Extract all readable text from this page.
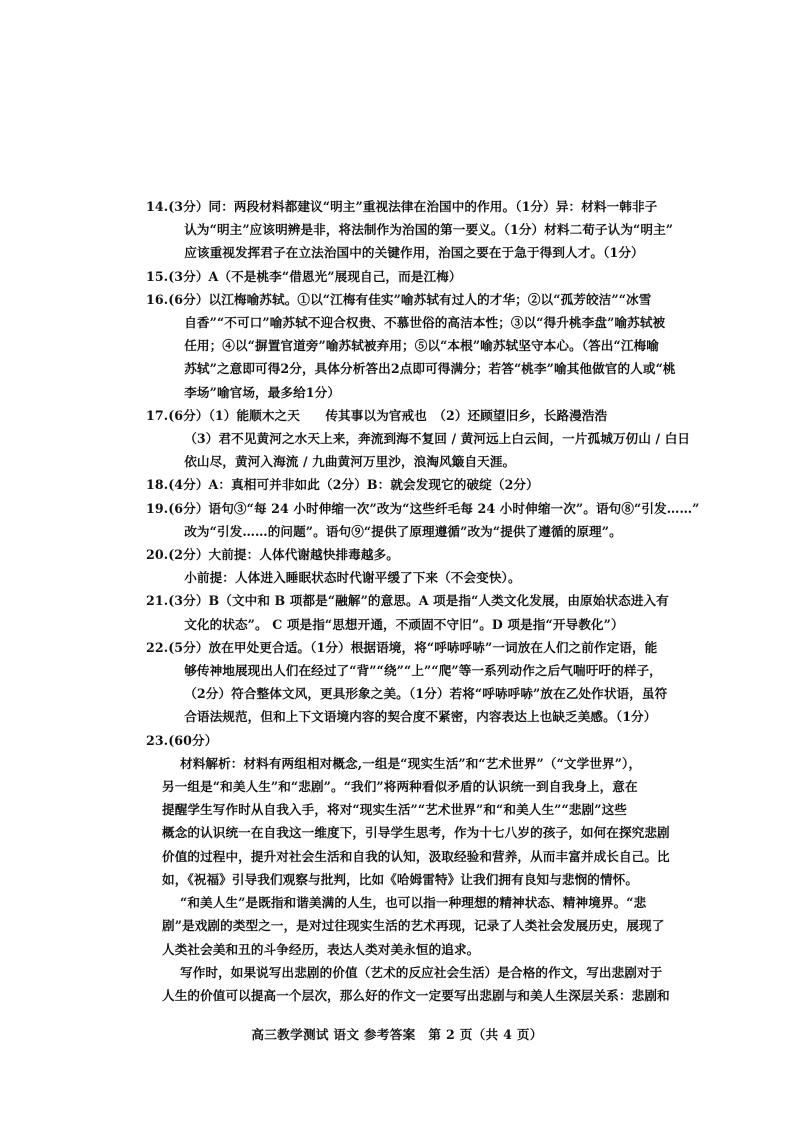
14. (3分）同：两段材料都建议“明主”重视法律在治国中的作用。（1分）异：材料一韩非子
认为“明主”应该明辨是非，将法制作为治国的第一要义。（1分）材料二荀子认为“明主”
应该重视发挥君子在立法治国中的关键作用，治国之要在于急于得到人才。（1分）
15. (3分）A（不是桃李“借恩光”展现自己，而是江梅）
16. (6分）以江梅喻苏轼。①以“江梅有佳实”喻苏轼有过人的才华；②以“孤芳皎洁”“冰雪
自香”“不可口”喻苏轼不迎合权贵、不慕世俗的高洁本性；③以“得升桃李盘”喻苏轼被
任用；④以“摒置官道旁”喻苏轼被弃用；⑤以“本根”喻苏轼坚守本心。（答出“江梅喻
苏轼”之意即可得2分，具体分析答出2点即可得满分；若答“桃李”喻其他做官的人或“桃
李场”喻官场，最多给1分）
17. (6分）（1）能顺木之天　　传其事以为官戒也　（2）还顾望旧乡，长路漫浩浩
（3）君不见黄河之水天上来，奔流到海不复回 / 黄河远上白云间，一片孤城万仞山 / 白日
依山尽，黄河入海流 / 九曲黄河万里沙，浪淘风簸自天涯。
18. (4分）A：真相可并非如此（2分）B：就会发现它的破绽（2分）
19. (6分）语句③“每 24 小时伸缩一次”改为“这些纤毛每 24 小时伸缩一次”。语句⑧“引发……”
改为“引发……的问题”。语句⑨“提供了原理遵循”改为“提供了遵循的原理”。
20. (2分）大前提：人体代谢越快排毒越多。
小前提：人体进入睡眠状态时代谢平缓了下来（不会变快）。
21. (3分）B（文中和 B 项都是“融解”的意思。A 项是指“人类文化发展，由原始状态进入有
文化的状态”。 C 项是指“思想开通，不顽固不守旧”。D 项是指“开导教化”）
22. (5分）放在甲处更合适。（1分）根据语境，将“呼哧呼哧”一词放在人们之前作定语，能
够传神地展现出人们在经过了“背”“绕”“上”“爬”等一系列动作之后气喘吁吁的样子，
（2分）符合整体文风，更具形象之美。（1分）若将“呼哧呼哧”放在乙处作状语，虽符
合语法规范，但和上下文语境内容的契合度不紧密，内容表达上也缺乏美感。（1分）
23. (60分）
材料解析：材料有两组相对概念,一组是“现实生活”和“艺术世界”（“文学世界”），
另一组是“和美人生”和“悲剧”。“我们”将两种看似矛盾的认识统一到自我身上，意在
提醒学生写作时从自我入手，将对“现实生活”“艺术世界”和“和美人生”“悲剧”这些
概念的认识统一在自我这一维度下，引导学生思考，作为十七八岁的孩子，如何在探究悲剧
价值的过程中，提升对社会生活和自我的认知，汲取经验和营养，从而丰富并成长自己。比
如，《祝福》引导我们观察与批判，比如《哈姆雷特》让我们拥有良知与悲悯的情怀。
“和美人生”是既指和谐美满的人生，也可以指一种理想的精神状态、精神境界。“悲
剧”是戏剧的类型之一，是对过往现实生活的艺术再现，记录了人类社会发展历史，展现了
人类社会美和丑的斗争经历，表达人类对美永恒的追求。
写作时，如果说写出悲剧的价值（艺术的反应社会生活）是合格的作文，写出悲剧对于
人生的价值可以提高一个层次，那么好的作文一定要写出悲剧与和美人生深层关系：悲剧和
高三教学测试 语文 参考答案　第 2 页（共 4 页）
